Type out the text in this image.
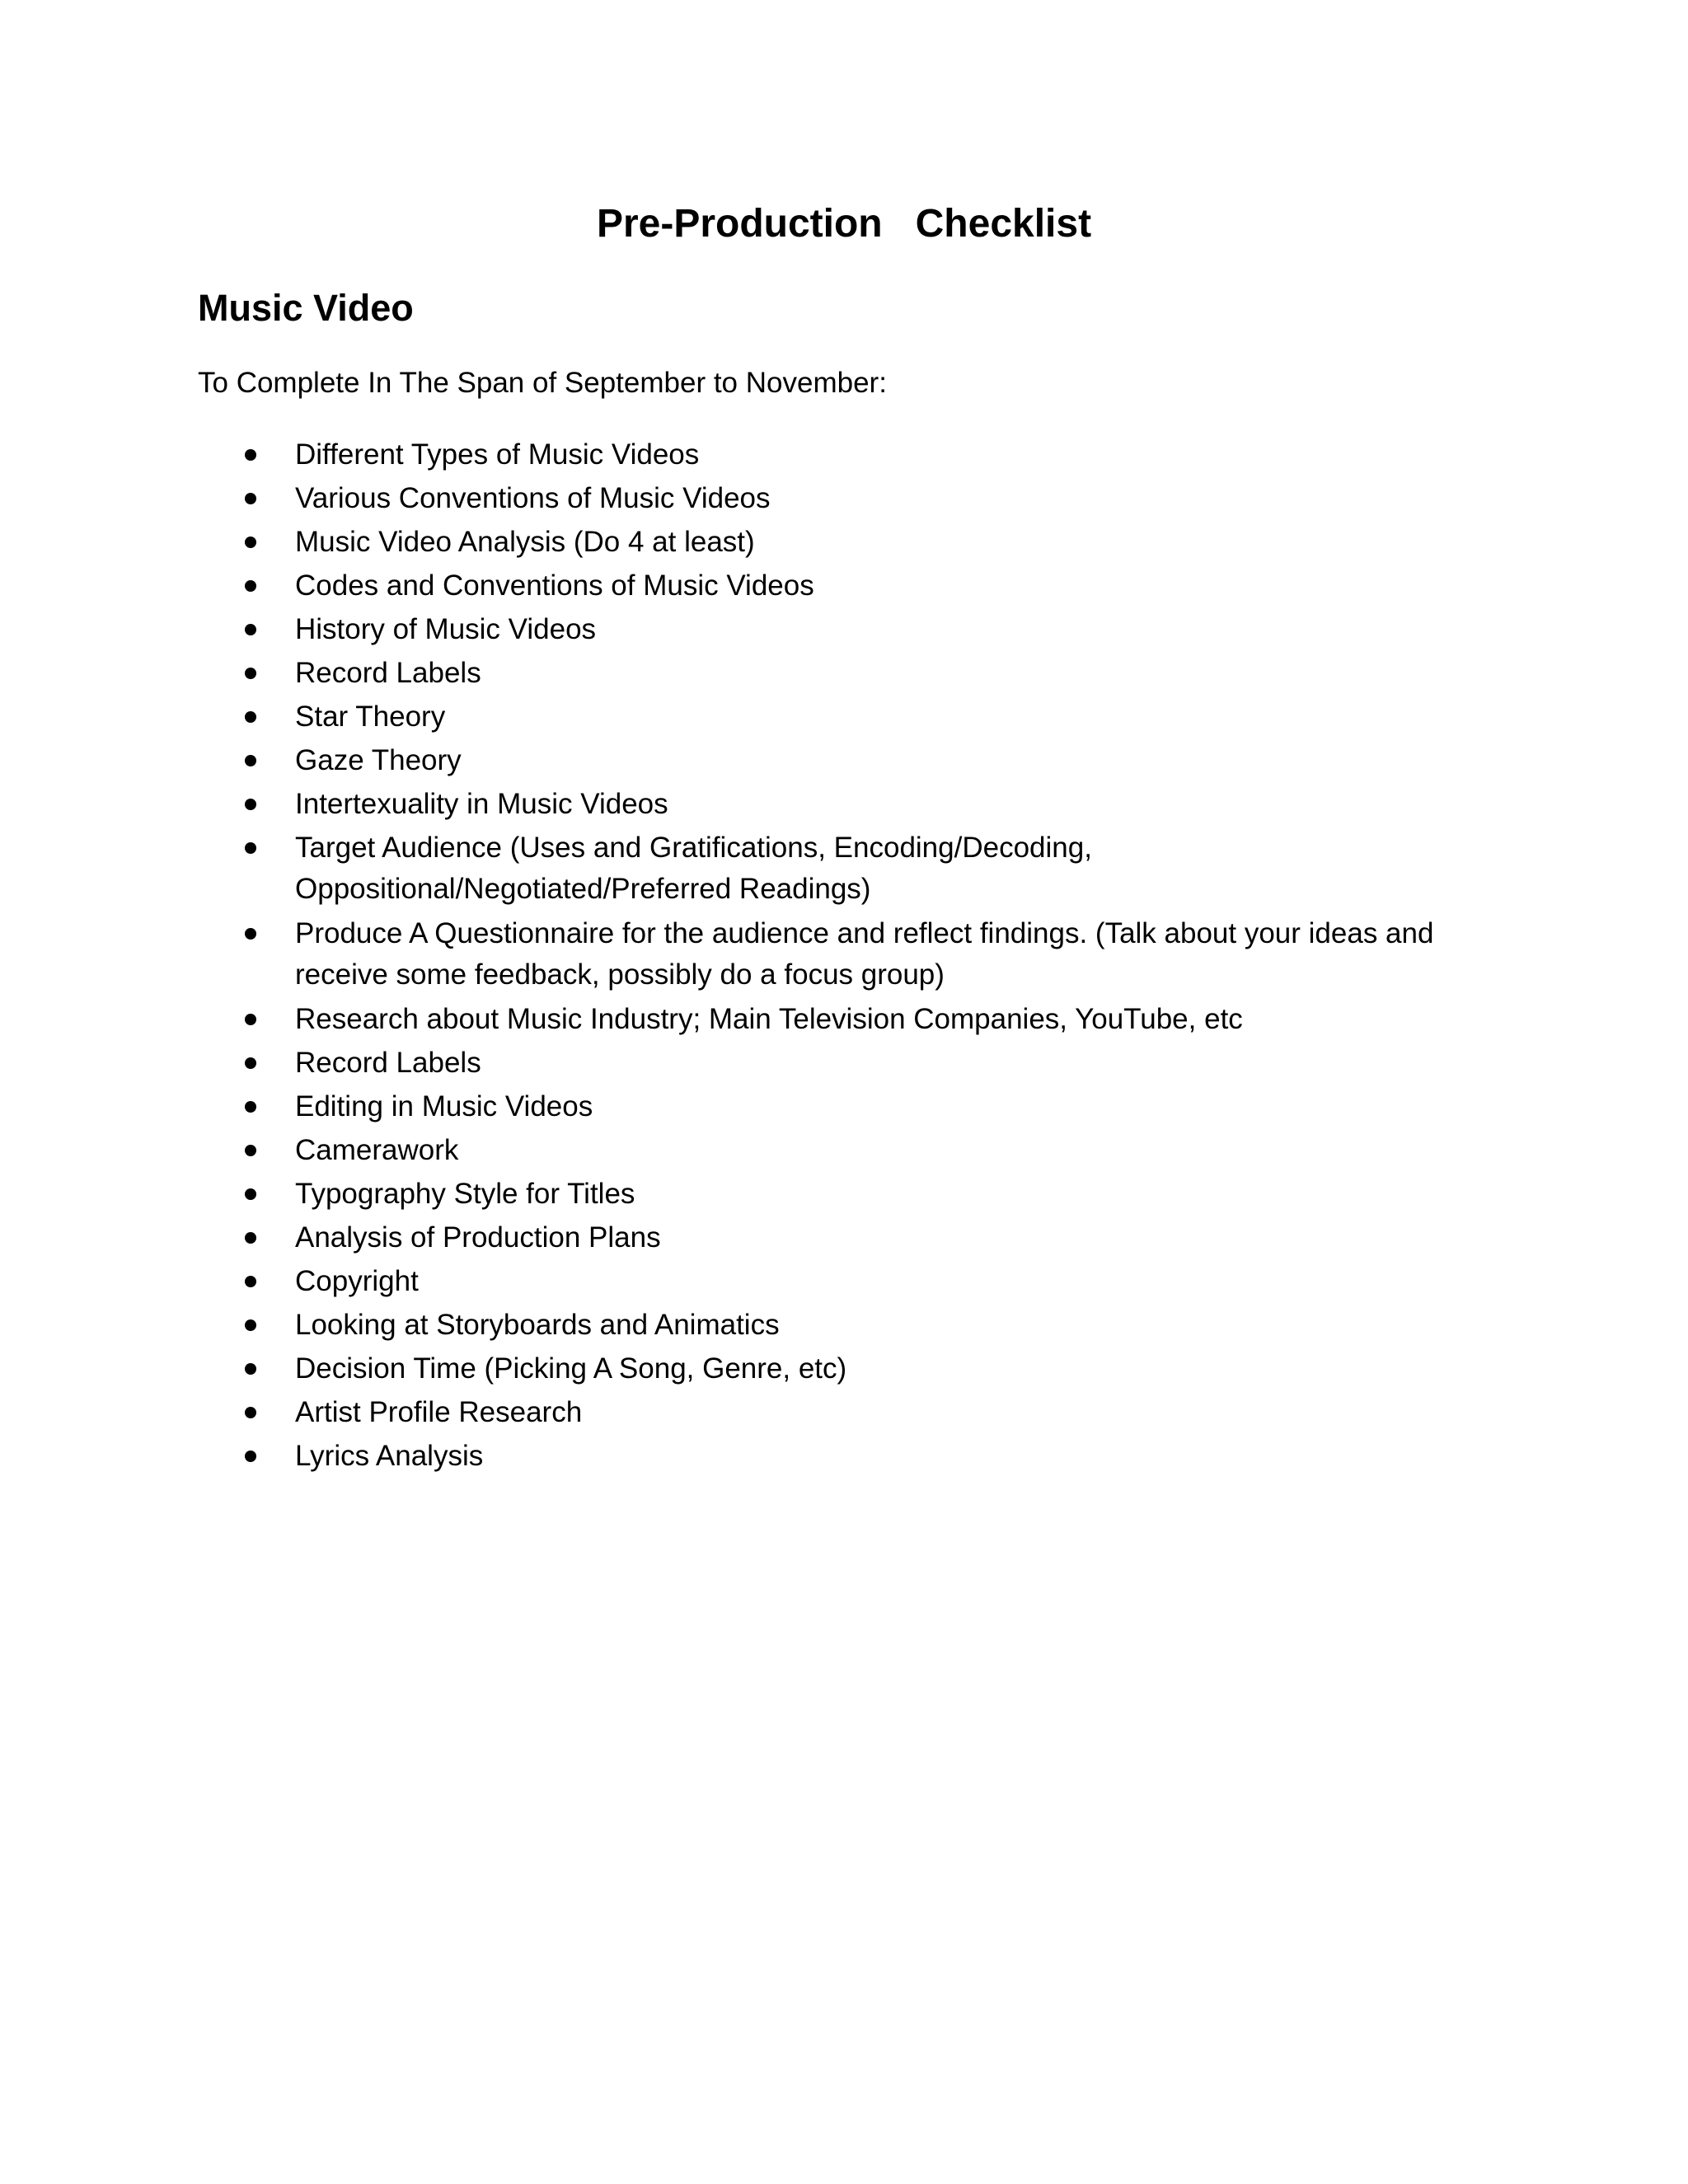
Pre-Production   Checklist
Music Video
To Complete In The Span of September to November:
Different Types of Music Videos
Various Conventions of Music Videos
Music Video Analysis (Do 4 at least)
Codes and Conventions of Music Videos
History of Music Videos
Record Labels
Star Theory
Gaze Theory
Intertexuality in Music Videos
Target Audience (Uses and Gratifications, Encoding/Decoding, Oppositional/Negotiated/Preferred Readings)
Produce A Questionnaire for the audience and reflect findings. (Talk about your ideas and receive some feedback, possibly do a focus group)
Research about Music Industry; Main Television Companies, YouTube, etc
Record Labels
Editing in Music Videos
Camerawork
Typography Style for Titles
Analysis of Production Plans
Copyright
Looking at Storyboards and Animatics
Decision Time (Picking A Song, Genre, etc)
Artist Profile Research
Lyrics Analysis
